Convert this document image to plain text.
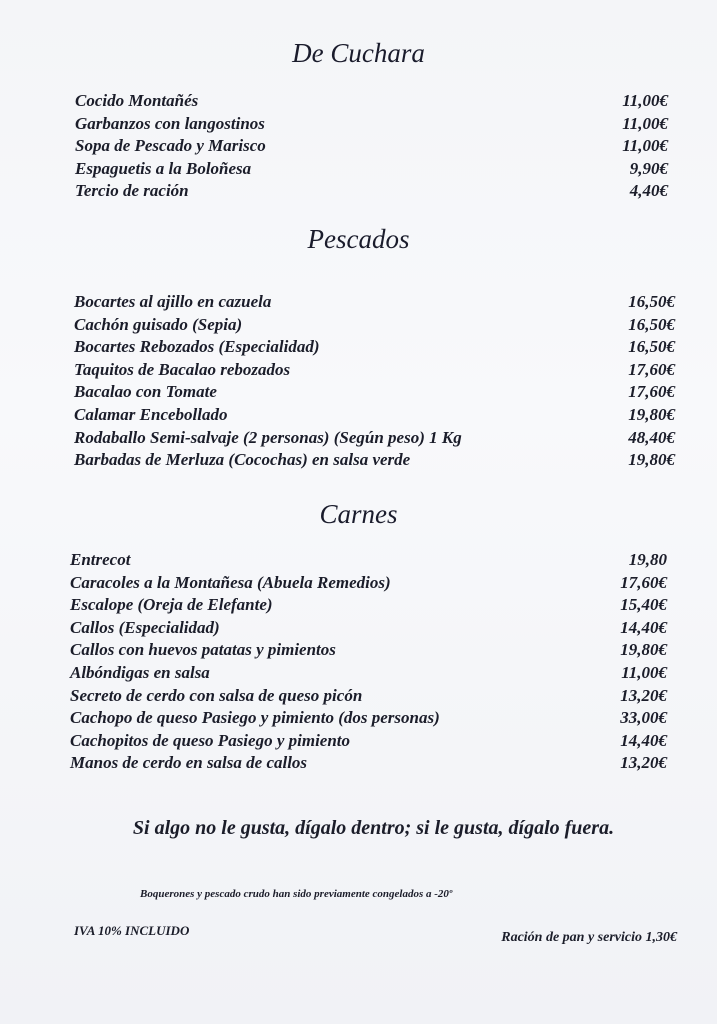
De Cuchara
Cocido Montañés	11,00€
Garbanzos con langostinos	11,00€
Sopa de Pescado y Marisco	11,00€
Espaguetis a la Boloñesa	9,90€
Tercio de ración	4,40€
Pescados
Bocartes al ajillo en cazuela	16,50€
Cachón guisado (Sepia)	16,50€
Bocartes Rebozados (Especialidad)	16,50€
Taquitos de Bacalao rebozados	17,60€
Bacalao con Tomate	17,60€
Calamar Encebollado	19,80€
Rodaballo Semi-salvaje (2 personas) (Según peso) 1 Kg	48,40€
Barbadas de Merluza (Cocochas) en salsa verde	19,80€
Carnes
Entrecot	19,80
Caracoles a la Montañesa (Abuela Remedios)	17,60€
Escalope (Oreja de Elefante)	15,40€
Callos (Especialidad)	14,40€
Callos con huevos patatas y pimientos	19,80€
Albóndigas en salsa	11,00€
Secreto de cerdo con salsa de queso picón	13,20€
Cachopo de queso Pasiego y pimiento (dos personas)	33,00€
Cachopitos de queso Pasiego y pimiento	14,40€
Manos de cerdo en salsa de callos	13,20€
Si algo no le gusta, dígalo dentro; si le gusta, dígalo fuera.
Boquerones y pescado crudo han sido previamente congelados a -20º
IVA 10% INCLUIDO	Ración de pan y servicio 1,30€
